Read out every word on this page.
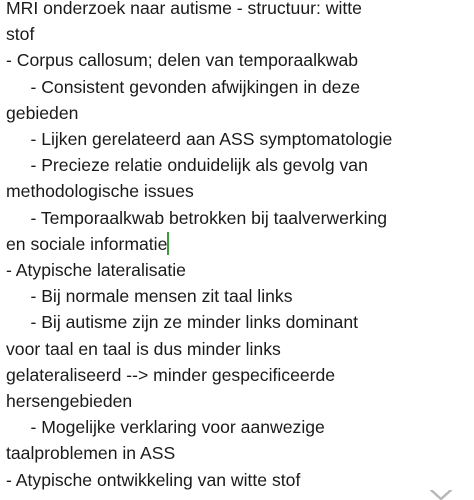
MRI onderzoek naar autisme - structuur: witte
stof
- Corpus callosum; delen van temporaalkwab
- Consistent gevonden afwijkingen in deze
gebieden
- Lijken gerelateerd aan ASS symptomatologie
- Precieze relatie onduidelijk als gevolg van
methodologische issues
- Temporaalkwab betrokken bij taalverwerking
en sociale informatie
- Atypische lateralisatie
- Bij normale mensen zit taal links
- Bij autisme zijn ze minder links dominant
voor taal en taal is dus minder links
gelateraliseerd --> minder gespecificeerde
hersengebieden
- Mogelijke verklaring voor aanwezige
taalproblemen in ASS
- Atypische ontwikkeling van witte stof
